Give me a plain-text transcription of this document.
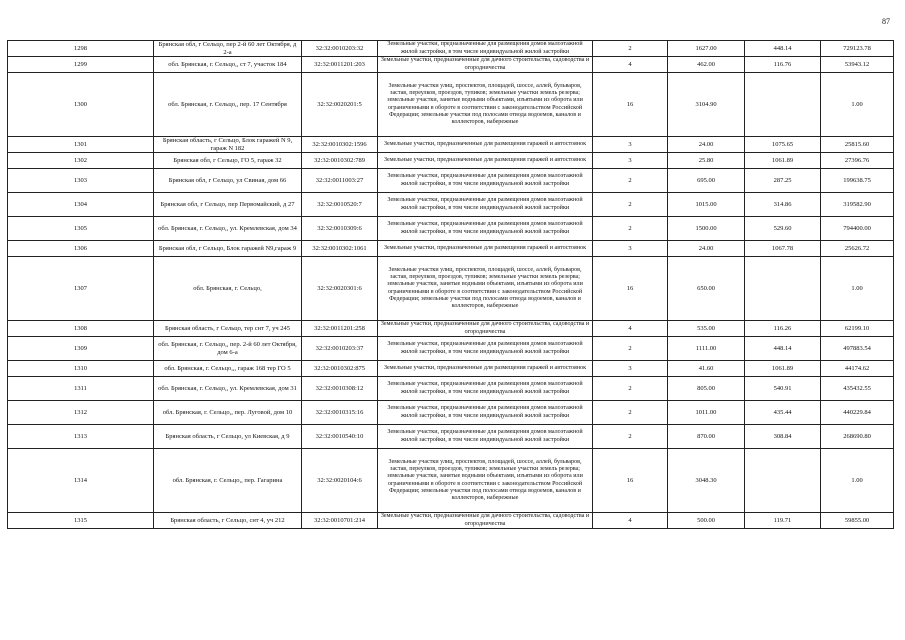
87
1298	Брянская обл, г Сельцо, пер 2-й 60 лет Октября, д 2-а	32:32:0010203:32	Земельные участки, предназначенные для размещения домов малоэтажной жилой застройки, в том числе индивидуальной жилой застройки	2	1627.00	448.14	729123.78
1299	обл. Брянская, г. Сельцо,, ст 7, участок 184	32:32:0011201:203	Земельные участки, предназначенные для дачного строительства, садоводства и огородничества	4	462.00	116.76	53943.12
1300	обл. Брянская, г. Сельцо,, пер. 17 Сентября	32:32:0020201:5	Земельные участки улиц, проспектов, площадей, шоссе, аллей, бульваров, застав, переулков, проездов, тупиков; земельные участки земель резерва; земельные участки, занятые водными объектами, изъятыми из оборота или ограниченными в обороте в соответствии с законодательством Российской Федерации; земельные участки под полосами отвода водоемов, каналов и коллекторов, набережные	16	3104.90		1.00
1301	Брянская область, г Сельцо, Блок гаражей N 9, гараж N 182	32:32:0010302:1596	Земельные участки, предназначенные для размещения гаражей и автостоянок	3	24.00	1075.65	25815.60
1302	Брянская обл, г Сельцо, ГО 5, гараж 32	32:32:0010302:789	Земельные участки, предназначенные для размещения гаражей и автостоянок	3	25.80	1061.89	27396.76
1303	Брянская обл, г Сельцо, ул Свиная, дом 66	32:32:0011003:27	Земельные участки, предназначенные для размещения домов малоэтажной жилой застройки, в том числе индивидуальной жилой застройки	2	695.00	287.25	199638.75
1304	Брянская обл, г Сельцо, пер Первомайский, д 27	32:32:0010520:7	Земельные участки, предназначенные для размещения домов малоэтажной жилой застройки, в том числе индивидуальной жилой застройки	2	1015.00	314.86	319582.90
1305	обл. Брянская, г. Сельцо,, ул. Кремлевская, дом 34	32:32:0010309:6	Земельные участки, предназначенные для размещения домов малоэтажной жилой застройки, в том числе индивидуальной жилой застройки	2	1500.00	529.60	794400.00
1306	Брянская обл, г Сельцо, Блок гаражей N9,гараж 9	32:32:0010302:1061	Земельные участки, предназначенные для размещения гаражей и автостоянок	3	24.00	1067.78	25626.72
1307	обл. Брянская, г. Сельцо,	32:32:0020301:6	Земельные участки улиц, проспектов, площадей, шоссе, аллей, бульваров, застав, переулков, проездов, тупиков; земельные участки земель резерва; земельные участки, занятые водными объектами, изъятыми из оборота или ограниченными в обороте в соответствии с законодательством Российской Федерации; земельные участки под полосами отвода водоемов, каналов и коллекторов, набережные	16	650.00		1.00
1308	Брянская область, г Сельцо, тер снт 7, уч 245	32:32:0011201:258	Земельные участки, предназначенные для дачного строительства, садоводства и огородничества	4	535.00	116.26	62199.10
1309	обл. Брянская, г. Сельцо,, пер. 2-й 60 лет Октября, дом 6-а	32:32:0010203:37	Земельные участки, предназначенные для размещения домов малоэтажной жилой застройки, в том числе индивидуальной жилой застройки	2	1111.00	448.14	497883.54
1310	обл. Брянская, г. Сельцо,,, гараж 168 тер ГО 5	32:32:0010302:875	Земельные участки, предназначенные для размещения гаражей и автостоянок	3	41.60	1061.89	44174.62
1311	обл. Брянская, г. Сельцо,, ул. Кремлевская, дом 31	32:32:0010308:12	Земельные участки, предназначенные для размещения домов малоэтажной жилой застройки, в том числе индивидуальной жилой застройки	2	805.00	540.91	435432.55
1312	обл. Брянская, г. Сельцо,, пер. Луговой, дом 10	32:32:0010315:16	Земельные участки, предназначенные для размещения домов малоэтажной жилой застройки, в том числе индивидуальной жилой застройки	2	1011.00	435.44	440229.84
1313	Брянская область, г Сельцо, ул Киевская, д 9	32:32:0010540:10	Земельные участки, предназначенные для размещения домов малоэтажной жилой застройки, в том числе индивидуальной жилой застройки	2	870.00	308.84	268690.80
1314	обл. Брянская, г. Сельцо,, пер. Гагарина	32:32:0020104:6	Земельные участки улиц, проспектов, площадей, шоссе, аллей, бульваров, застав, переулков, проездов, тупиков; земельные участки земель резерва; земельные участки, занятые водными объектами, изъятыми из оборота или ограниченными в обороте в соответствии с законодательством Российской Федерации; земельные участки под полосами отвода водоемов, каналов и коллекторов, набережные	16	3048.30		1.00
1315	Брянская область, г Сельцо, снт 4, уч 212	32:32:0010701:214	Земельные участки, предназначенные для дачного строительства, садоводства и огородничества	4	500.00	119.71	59855.00
